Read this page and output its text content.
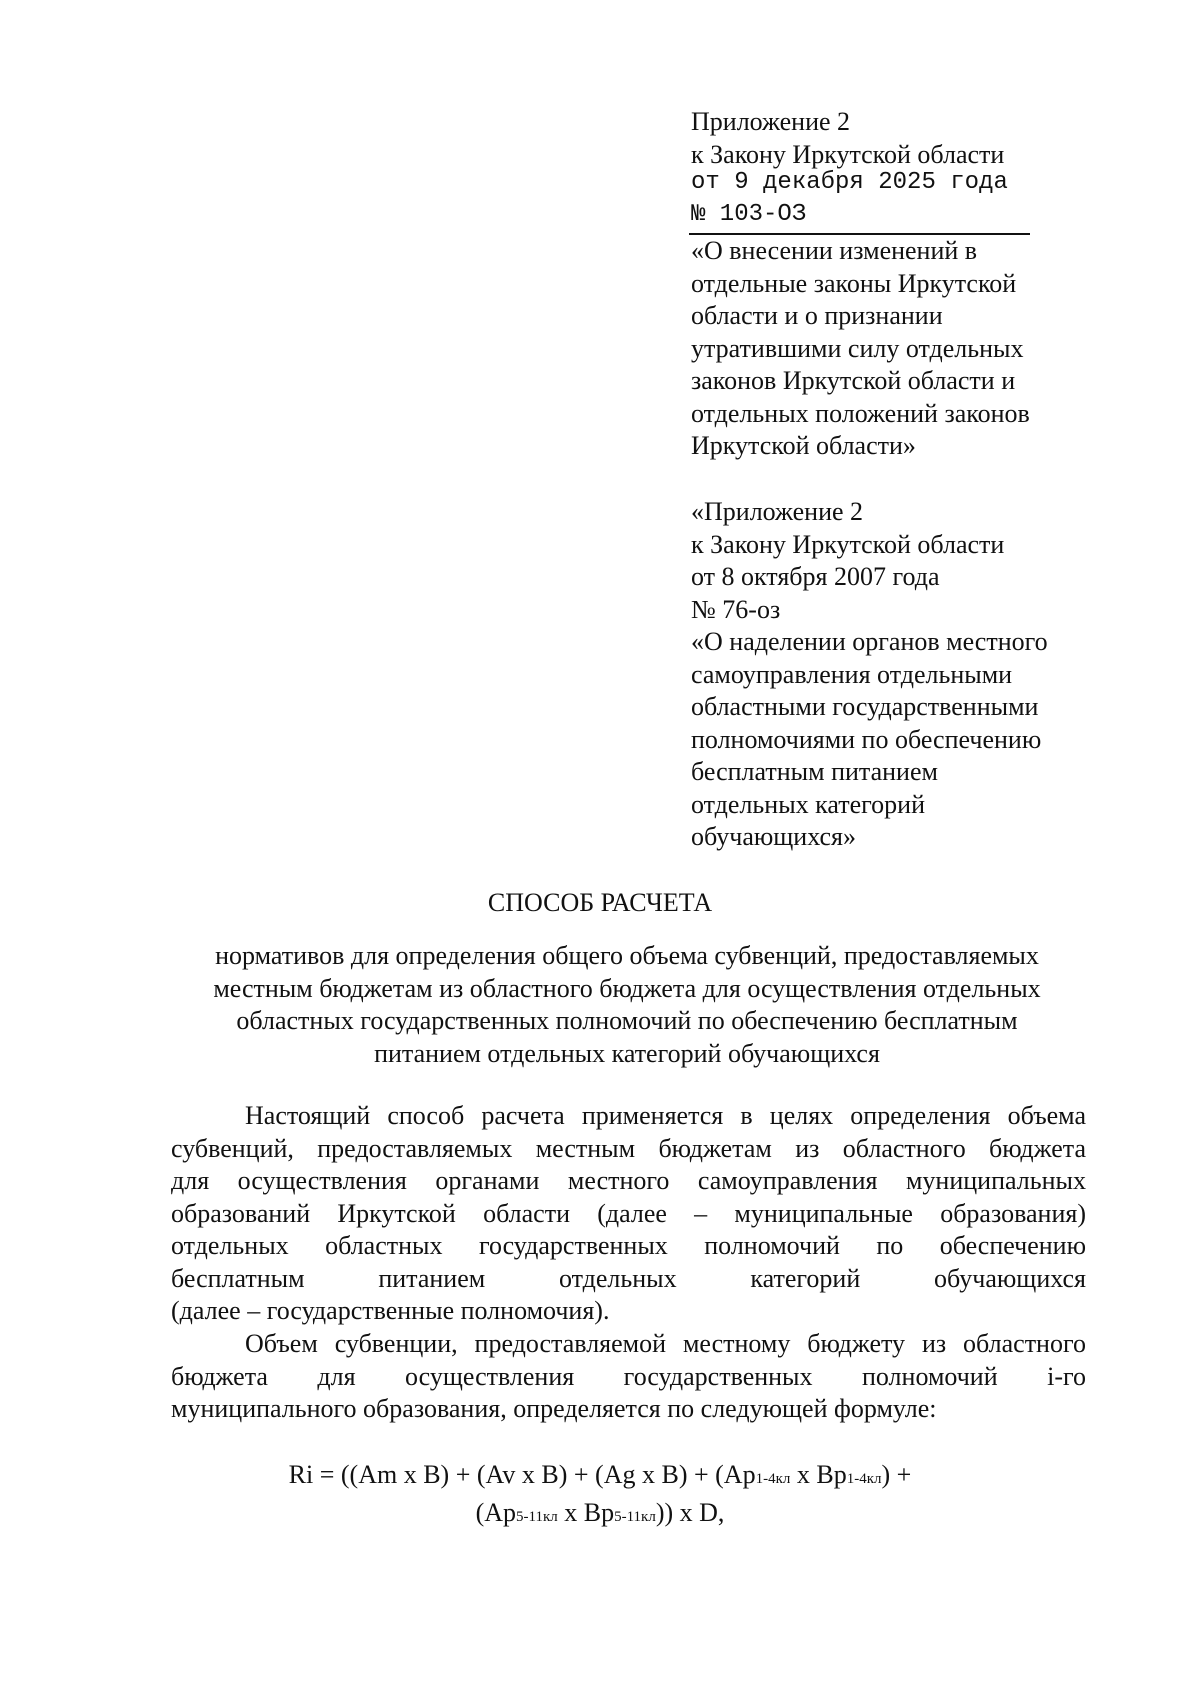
Приложение 2
к Закону Иркутской области
от 9 декабря 2025 года
№ 103-ОЗ
«О внесении изменений в
отдельные законы Иркутской
области и о признании
утратившими силу отдельных
законов Иркутской области и
отдельных положений законов
Иркутской области»
«Приложение 2
к Закону Иркутской области
от 8 октября 2007 года
№ 76-оз
«О наделении органов местного
самоуправления отдельными
областными государственными
полномочиями по обеспечению
бесплатным питанием
отдельных категорий
обучающихся»
СПОСОБ РАСЧЕТА
нормативов для определения общего объема субвенций, предоставляемых
местным бюджетам из областного бюджета для осуществления отдельных
областных государственных полномочий по обеспечению бесплатным
питанием отдельных категорий обучающихся
Настоящий способ расчета применяется в целях определения объема
субвенций, предоставляемых местным бюджетам из областного бюджета
для осуществления органами местного самоуправления муниципальных
образований Иркутской области (далее – муниципальные образования)
отдельных областных государственных полномочий по обеспечению
бесплатным питанием отдельных категорий обучающихся
(далее – государственные полномочия).
Объем субвенции, предоставляемой местному бюджету из областного
бюджета для осуществления государственных полномочий i-го
муниципального образования, определяется по следующей формуле:
Ri = ((Am x B) + (Av x B) + (Ag x B) + (Ap1-4кл x Bp1-4кл) +
(Ap5-11кл x Bp5-11кл)) x D,
